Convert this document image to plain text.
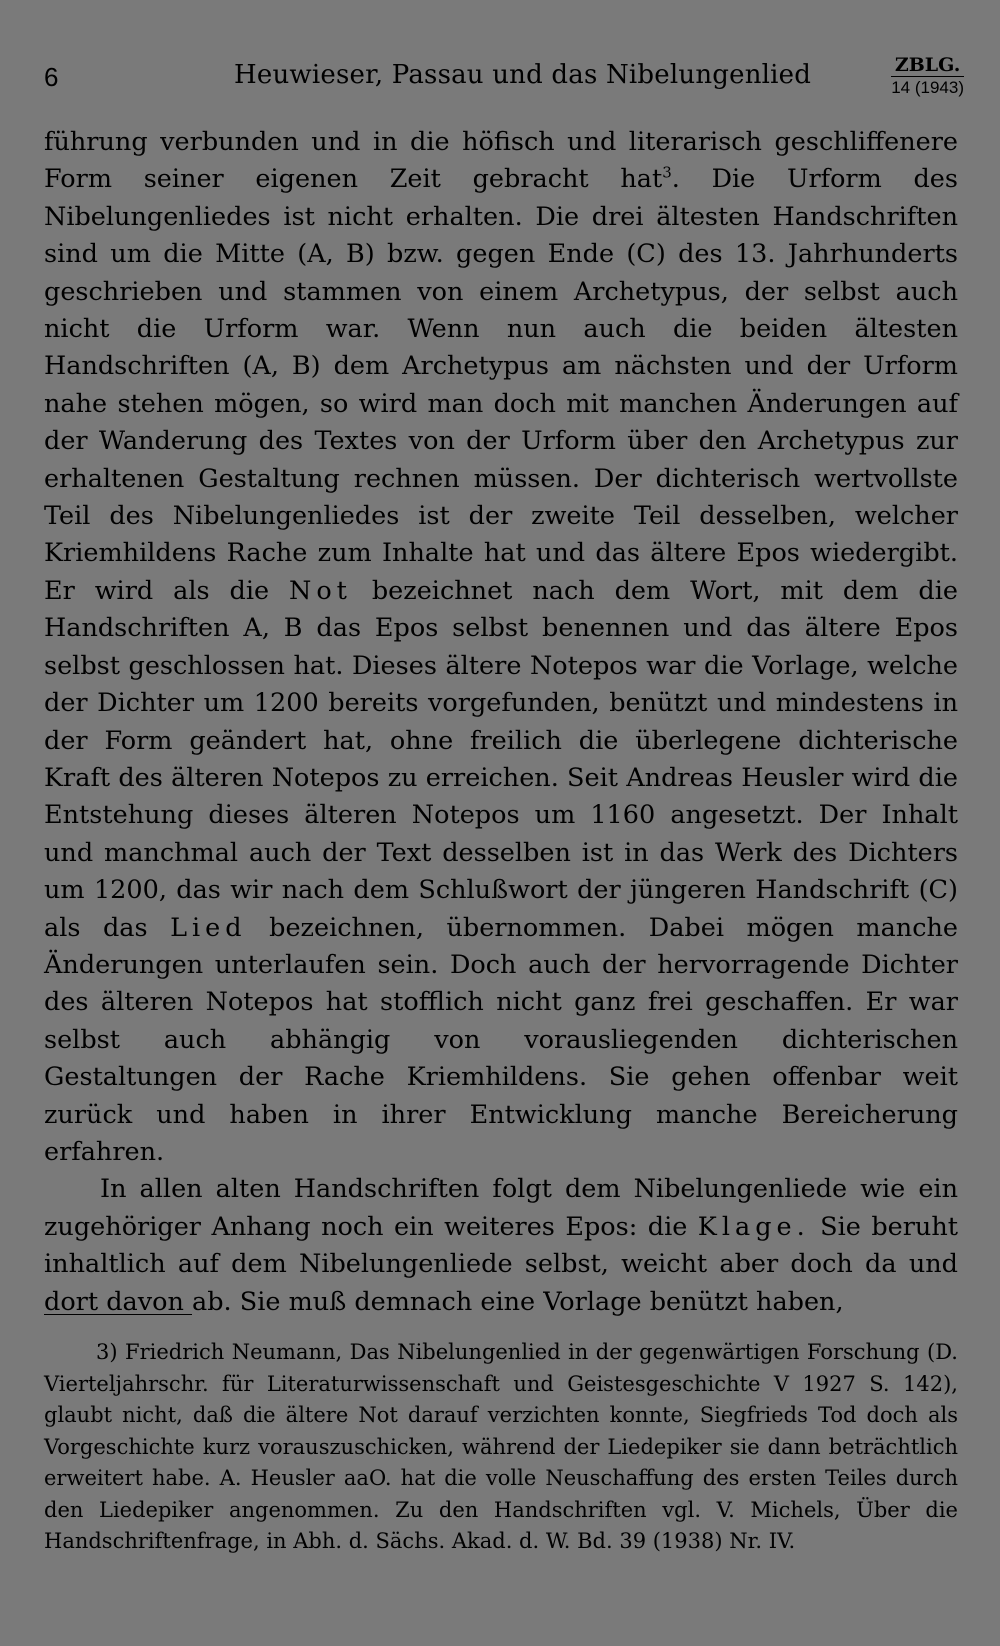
6	Heuwieser, Passau und das Nibelungenlied	ZBLG.
14 (1943)

führung verbunden und in die höfisch und literarisch geschliffenere Form seiner eigenen Zeit gebracht hat$^3$. Die Urform des Nibelungenliedes ist nicht erhalten. Die drei ältesten Handschriften sind um die Mitte (A, B) bzw. gegen Ende (C) des 13. Jahrhunderts geschrieben und stammen von einem Archetypus, der selbst auch nicht die Urform war. Wenn nun auch die beiden ältesten Handschriften (A, B) dem Archetypus am nächsten und der Urform nahe stehen mögen, so wird man doch mit manchen Änderungen auf der Wanderung des Textes von der Urform über den Archetypus zur erhaltenen Gestaltung rechnen müssen. Der dichterisch wertvollste Teil des Nibelungenliedes ist der zweite Teil desselben, welcher Kriemhildens Rache zum Inhalte hat und das ältere Epos wiedergibt. Er wird als die Not bezeichnet nach dem Wort, mit dem die Handschriften A, B das Epos selbst benennen und das ältere Epos selbst geschlossen hat. Dieses ältere Notepos war die Vorlage, welche der Dichter um 1200 bereits vorgefunden, benützt und mindestens in der Form geändert hat, ohne freilich die überlegene dichterische Kraft des älteren Notepos zu erreichen. Seit Andreas Heusler wird die Entstehung dieses älteren Notepos um 1160 angesetzt. Der Inhalt und manchmal auch der Text desselben ist in das Werk des Dichters um 1200, das wir nach dem Schlußwort der jüngeren Handschrift (C) als das Lied bezeichnen, übernommen. Dabei mögen manche Änderungen unterlaufen sein. Doch auch der hervorragende Dichter des älteren Notepos hat stofflich nicht ganz frei geschaffen. Er war selbst auch abhängig von vorausliegenden dichterischen Gestaltungen der Rache Kriemhildens. Sie gehen offenbar weit zurück und haben in ihrer Entwicklung manche Bereicherung erfahren.

In allen alten Handschriften folgt dem Nibelungenliede wie ein zugehöriger Anhang noch ein weiteres Epos: die Klage. Sie beruht inhaltlich auf dem Nibelungenliede selbst, weicht aber doch da und dort davon ab. Sie muß demnach eine Vorlage benützt haben,

3) Friedrich Neumann, Das Nibelungenlied in der gegenwärtigen Forschung (D. Vierteljahrschr. für Literaturwissenschaft und Geistesgeschichte V 1927 S. 142), glaubt nicht, daß die ältere Not darauf verzichten konnte, Siegfrieds Tod doch als Vorgeschichte kurz vorauszuschicken, während der Liedepiker sie dann beträchtlich erweitert habe. A. Heusler aaO. hat die volle Neuschaffung des ersten Teiles durch den Liedepiker angenommen. Zu den Handschriften vgl. V. Michels, Über die Handschriftenfrage, in Abh. d. Sächs. Akad. d. W. Bd. 39 (1938) Nr. IV.
